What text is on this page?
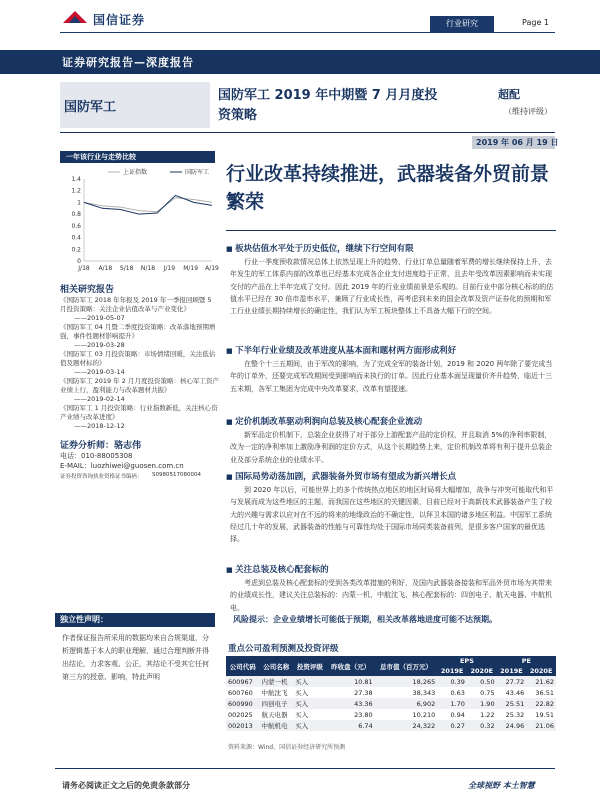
国信证券	行业研究	Page 1
证券研究报告—深度报告
国防军工
国防军工 2019 年中期暨 7 月月度投资策略
超配
（维持评级）
2019 年 06 月 19 日
一年该行业与走势比较
0
0.2
0.4
0.6
0.8
1
1.2
1.4
J/18 A/18 S/18 N/18 J/19 M/19 A/19
上证指数	国防军工
相关研究报告
《国防军工 2018 年年报及 2019 年一季报回顾暨 5 月投资策略：关注企业估值改革与产业变化》
——2019-05-07
《国防军工 04 月暨二季度投资策略：改革落地预期增强，事件性题材影响提升》
——2019-03-28
《国防军工 03 月投资策略：市场情绪回暖，关注低估值及题材标的》
——2019-03-14
《国防军工 2019 年 2 月月度投资策略：核心军工资产业绩上行，盈利能力与改革题材共振》
——2019-02-14
《国防军工 1 月投资策略：行业指数新低，关注核心资产业绩与改革进度》
——2018-12-12
证券分析师：骆志伟
电话：010-88005308
E-MAIL：luozhiwei@guosen.com.cn
证券投资咨询执业资格证书编码：	S0980517080004
独立性声明：
作者保证报告所采用的数据均来自合规渠道，分析逻辑基于本人的职业理解，通过合理判断并得出结论，力求客观、公正，其结论不受其它任何第三方的授意、影响，特此声明
行业改革持续推进，武器装备外贸前景繁荣
■ 板块估值水平处于历史低位，继续下行空间有限
行业一季度预收款情况总体上依然呈现上升的趋势，行业订单总量随着军费的增长继续保持上升，去年发生的军工体系内部的改革也已经基本完成各企业支付进度趋于正常，且去年受改革因素影响而未实现交付的产品在上半年完成了交付。因此 2019 年的行业业绩前景是乐观的。目前行业中部分核心标的的估值水平已经在 30 倍市盈率水平，兼顾了行业成长性，再考虑到未来的国企改革及资产证券化的预期和军工行业业绩长期持续增长的确定性，我们认为军工板块整体上不具备大幅下行的空间。
■ 下半年行业业绩及改革进度从基本面和题材两方面形成利好
在整个十三五期间，由于军改的影响，为了完成全军的装备计划，2019 和 2020 两年除了要完成当年的订单外，还要完成军改期间受到影响而未执行的订单。因此行业基本面呈现量价齐升趋势，临近十三五末期，各军工集团为完成中央改革要求，改革有望提速。
■ 定价机制改革驱动利润向总装及核心配套企业流动
新军品定价机制下，总装企业获得了对于部分上游配套产品的定价权，并且取消 5%的净利率限制，改为一定的净利率加上激励净利润的定价方式，从这个长期趋势上来，定价机制改革将有利于提升总装企业及部分系统企业的业绩水平。
■ 国际局势动荡加剧，武器装备外贸市场有望成为新兴增长点
到 2020 年以后，可能世界上的多个传统热点地区的地区时局将大幅增加，战争与冲突可能取代和平与发展而成为这些地区的主题，而我国在这些地区的关键因素，目前已经对于高新技术武器装备产生了较大的兴趣与需求以应对在不远的将来的地缘政治的不确定性，以拜卫本国的诸多地区利益。中国军工系统经过几十年的发展，武器装备的性能与可靠性均处于国际市场同类装备前列，是很多客户国家的最优选择。
■ 关注总装及核心配套标的
考虑到总装及核心配套标的受到各类改革措施的利好，及国内武器装备接装和军品外贸市场为其带来的业绩成长性，建议关注总装标的：内蒙一机、中航沈飞、核心配套标的：四创电子、航天电器、中航机电。
风险提示：企业业绩增长可能低于预期，相关改革落地进度可能不达预期。
重点公司盈利预测及投资评级
公司代码	公司名称	投资评级	昨收盘（元）	总市值（百万元）	EPS		PE	
					2019E	2020E	2019E	2020E
600967	内蒙一机	买入	10.81	18,265	0.39	0.50	27.72	21.62
600760	中航沈飞	买入	27.38	38,343	0.63	0.75	43.46	36.51
600990	四创电子	买入	43.36	6,902	1.70	1.90	25.51	22.82
002025	航天电器	买入	23.80	10,210	0.94	1.22	25.32	19.51
002013	中航机电	买入	6.74	24,322	0.27	0.32	24.96	21.06
资料来源：Wind、国信证券经济研究所预测
请务必阅读正文之后的免责条款部分	全球视野 本土智慧
